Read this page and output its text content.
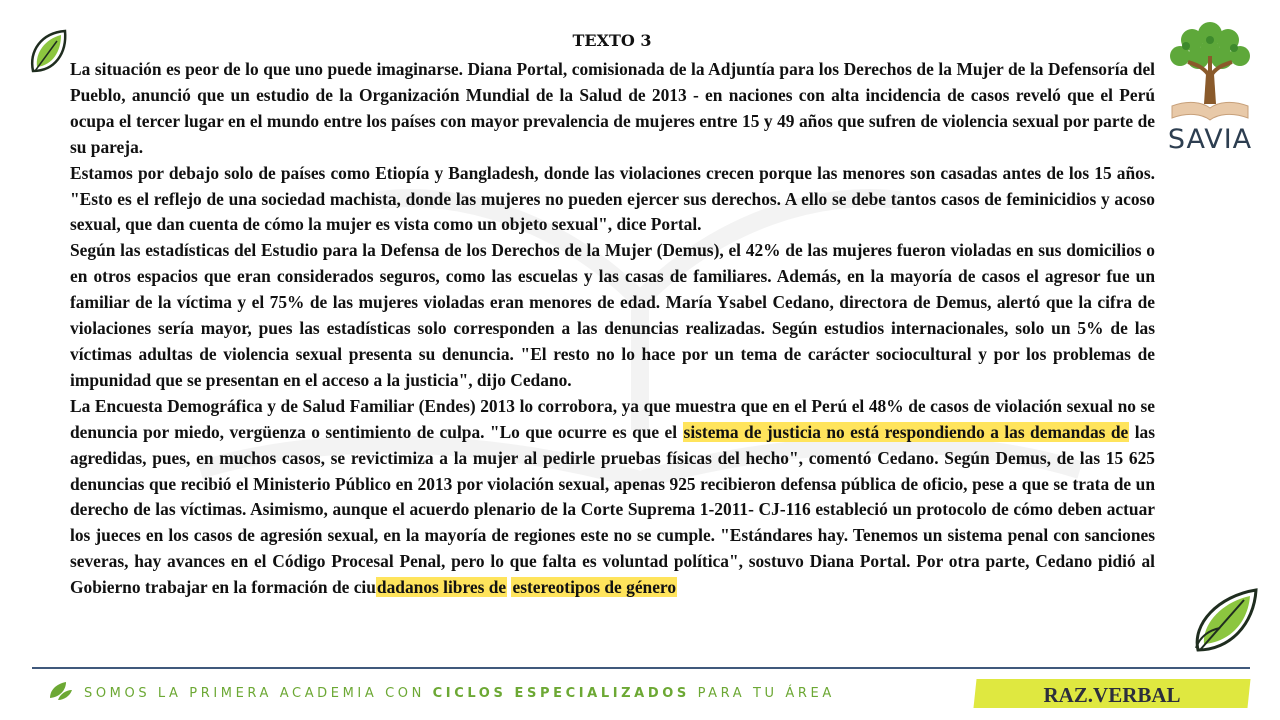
SAVIA
TEXTO 3

La situación es peor de lo que uno puede imaginarse. Diana Portal, comisionada de la Adjuntía para los Derechos de la Mujer de la Defensoría del Pueblo, anunció que un estudio de la Organización Mundial de la Salud de 2013 - en naciones con alta incidencia de casos reveló que el Perú ocupa el tercer lugar en el mundo entre los países con mayor prevalencia de mujeres entre 15 y 49 años que sufren de violencia sexual por parte de su pareja.

Estamos por debajo solo de países como Etiopía y Bangladesh, donde las violaciones crecen porque las menores son casadas antes de los 15 años. "Esto es el reflejo de una sociedad machista, donde las mujeres no pueden ejercer sus derechos. A ello se debe tantos casos de feminicidios y acoso sexual, que dan cuenta de cómo la mujer es vista como un objeto sexual", dice Portal.

Según las estadísticas del Estudio para la Defensa de los Derechos de la Mujer (Demus), el 42% de las mujeres fueron violadas en sus domicilios o en otros espacios que eran considerados seguros, como las escuelas y las casas de familiares. Además, en la mayoría de casos el agresor fue un familiar de la víctima y el 75% de las mujeres violadas eran menores de edad. María Ysabel Cedano, directora de Demus, alertó que la cifra de violaciones sería mayor, pues las estadísticas solo corresponden a las denuncias realizadas. Según estudios internacionales, solo un 5% de las víctimas adultas de violencia sexual presenta su denuncia. "El resto no lo hace por un tema de carácter sociocultural y por los problemas de impunidad que se presentan en el acceso a la justicia", dijo Cedano.

La Encuesta Demográfica y de Salud Familiar (Endes) 2013 lo corrobora, ya que muestra que en el Perú el 48% de casos de violación sexual no se denuncia por miedo, vergüenza o sentimiento de culpa. "Lo que ocurre es que el sistema de justicia no está respondiendo a las demandas de las agredidas, pues, en muchos casos, se revictimiza a la mujer al pedirle pruebas físicas del hecho", comentó Cedano. Según Demus, de las 15 625 denuncias que recibió el Ministerio Público en 2013 por violación sexual, apenas 925 recibieron defensa pública de oficio, pese a que se trata de un derecho de las víctimas. Asimismo, aunque el acuerdo plenario de la Corte Suprema 1-2011- CJ-116 estableció un protocolo de cómo deben actuar los jueces en los casos de agresión sexual, en la mayoría de regiones este no se cumple. "Estándares hay. Tenemos un sistema penal con sanciones severas, hay avances en el Código Procesal Penal, pero lo que falta es voluntad política", sostuvo Diana Portal. Por otra parte, Cedano pidió al Gobierno trabajar en la formación de ciudadanos libres de estereotipos de género

SOMOS LA PRIMERA ACADEMIA CON CICLOS ESPECIALIZADOS PARA TU ÁREA	RAZ.VERBAL
